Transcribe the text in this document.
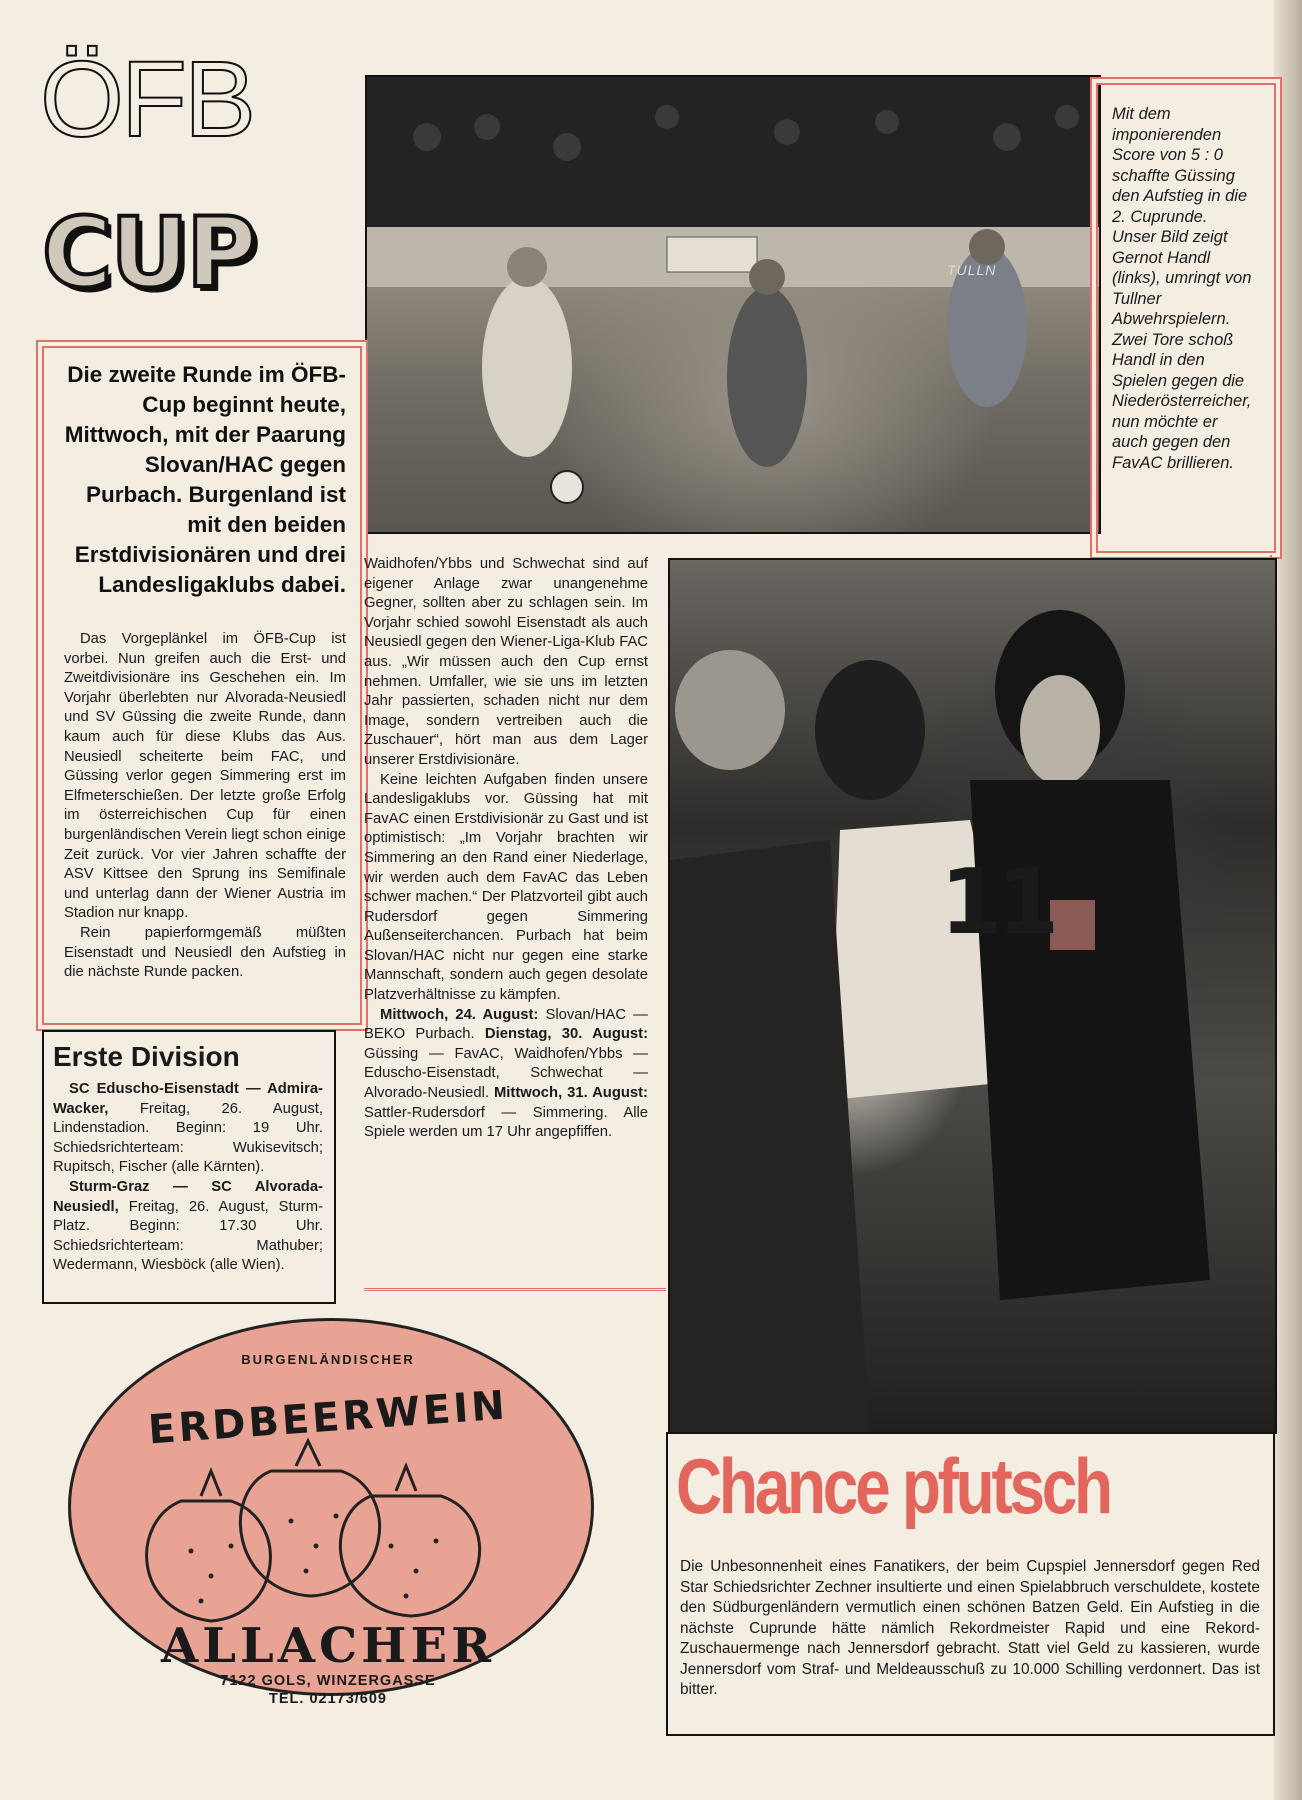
ÖFB
CUP	TULLN
Mit dem imponierenden Score von 5 : 0 schaffte Güssing den Aufstieg in die 2. Cuprunde. Unser Bild zeigt Gernot Handl (links), umringt von Tullner Abwehrspielern. Zwei Tore schoß Handl in den Spielen gegen die Niederösterreicher, nun möchte er auch gegen den FavAC brillieren.
Die zweite Runde im ÖFB-Cup beginnt heute, Mittwoch, mit der Paarung Slovan/HAC gegen Purbach. Burgenland ist mit den beiden Erstdivisionären und drei Landesligaklubs dabei.

Das Vorgeplänkel im ÖFB-Cup ist vorbei. Nun greifen auch die Erst- und Zweitdivisionäre ins Geschehen ein. Im Vorjahr überlebten nur Alvorada-Neusiedl und SV Güssing die zweite Runde, dann kaum auch für diese Klubs das Aus. Neusiedl scheiterte beim FAC, und Güssing verlor gegen Simmering erst im Elfmeterschießen. Der letzte große Erfolg im österreichischen Cup für einen burgenländischen Verein liegt schon einige Zeit zurück. Vor vier Jahren schaffte der ASV Kittsee den Sprung ins Semifinale und unterlag dann der Wiener Austria im Stadion nur knapp.

Rein papierformgemäß müßten Eisenstadt und Neusiedl den Aufstieg in die nächste Runde packen.

Waidhofen/Ybbs und Schwechat sind auf eigener Anlage zwar unangenehme Gegner, sollten aber zu schlagen sein. Im Vorjahr schied sowohl Eisenstadt als auch Neusiedl gegen den Wiener-Liga-Klub FAC aus. „Wir müssen auch den Cup ernst nehmen. Umfaller, wie sie uns im letzten Jahr passierten, schaden nicht nur dem Image, sondern vertreiben auch die Zuschauer“, hört man aus dem Lager unserer Erstdivisionäre.

Keine leichten Aufgaben finden unsere Landesligaklubs vor. Güssing hat mit FavAC einen Erstdivisionär zu Gast und ist optimistisch: „Im Vorjahr brachten wir Simmering an den Rand einer Niederlage, wir werden auch dem FavAC das Leben schwer machen.“ Der Platzvorteil gibt auch Rudersdorf gegen Simmering Außenseiterchancen. Purbach hat beim Slovan/HAC nicht nur gegen eine starke Mannschaft, sondern auch gegen desolate Platzverhältnisse zu kämpfen.

Mittwoch, 24. August: Slovan/HAC — BEKO Purbach. Dienstag, 30. August: Güssing — FavAC, Waidhofen/Ybbs — Eduscho-Eisenstadt, Schwechat — Alvorado-Neusiedl. Mittwoch, 31. August: Sattler-Rudersdorf — Simmering. Alle Spiele werden um 17 Uhr angepfiffen.

Erste Division

SC Eduscho-Eisenstadt — Admira-Wacker, Freitag, 26. August, Lindenstadion. Beginn: 19 Uhr. Schiedsrichterteam: Wukisevitsch; Rupitsch, Fischer (alle Kärnten).

Sturm-Graz — SC Alvorada-Neusiedl, Freitag, 26. August, Sturm-Platz. Beginn: 17.30 Uhr. Schiedsrichterteam: Mathuber; Wedermann, Wiesböck (alle Wien).

BURGENLÄNDISCHER
ERDBEERWEIN
ALLACHER
7122 GOLS, WINZERGASSE
TEL. 02173/609
11
Chance pfutsch
Die Unbesonnenheit eines Fanatikers, der beim Cupspiel Jennersdorf gegen Red Star Schiedsrichter Zechner insultierte und einen Spielabbruch verschuldete, kostete den Südburgenländern vermutlich einen schönen Batzen Geld. Ein Aufstieg in die nächste Cuprunde hätte nämlich Rekordmeister Rapid und eine Rekord-Zuschauermenge nach Jennersdorf gebracht. Statt viel Geld zu kassieren, wurde Jennersdorf vom Straf- und Meldeausschuß zu 10.000 Schilling verdonnert. Das ist bitter.
